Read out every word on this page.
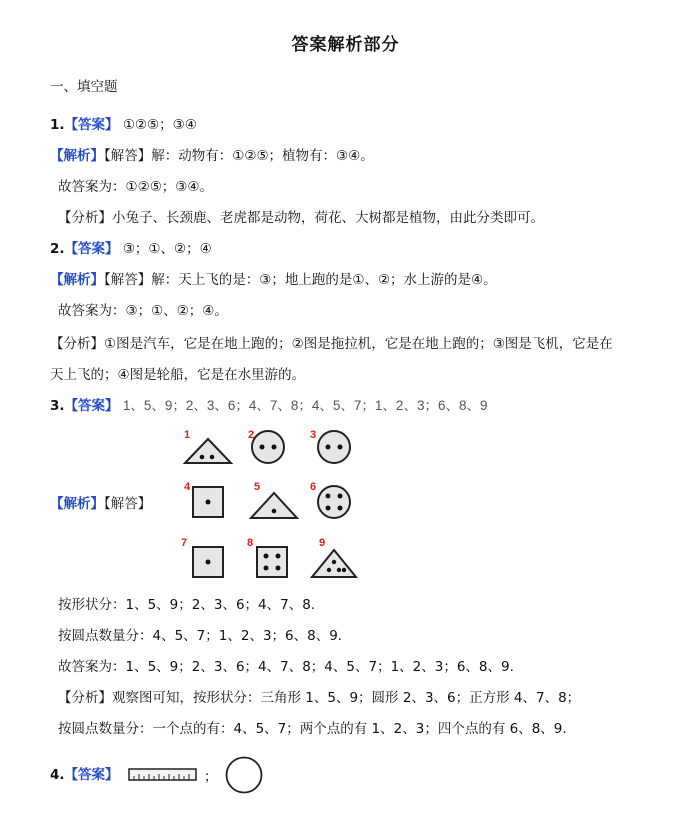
答案解析部分
一、填空题
1.【答案】 ①②⑤；③④
【解析】【解答】解：动物有：①②⑤；植物有：③④。
故答案为：①②⑤；③④。
【分析】小兔子、长颈鹿、老虎都是动物，荷花、大树都是植物，由此分类即可。
2.【答案】 ③；①、②；④
【解析】【解答】解：天上飞的是：③；地上跑的是①、②；水上游的是④。
故答案为：③；①、②；④。
【分析】①图是汽车，它是在地上跑的；②图是拖拉机，它是在地上跑的；③图是飞机，它是在
天上飞的；④图是轮船，它是在水里游的。
3.【答案】 1、5、9；2、3、6；4、7、8；4、5、7；1、2、3；6、8、9
【解析】【解答】
1	2	3
4	5	6
7	8	9
按形状分：1、5、9；2、3、6；4、7、8.
按圆点数量分：4、5、7；1、2、3；6、8、9.
故答案为：1、5、9；2、3、6；4、7、8；4、5、7；1、2、3；6、8、9.
【分析】观察图可知，按形状分：三角形 1、5、9；圆形 2、3、6；正方形 4、7、8；
按圆点数量分：一个点的有：4、5、7；两个点的有 1、2、3；四个点的有 6、8、9.
4.【答案】	；
